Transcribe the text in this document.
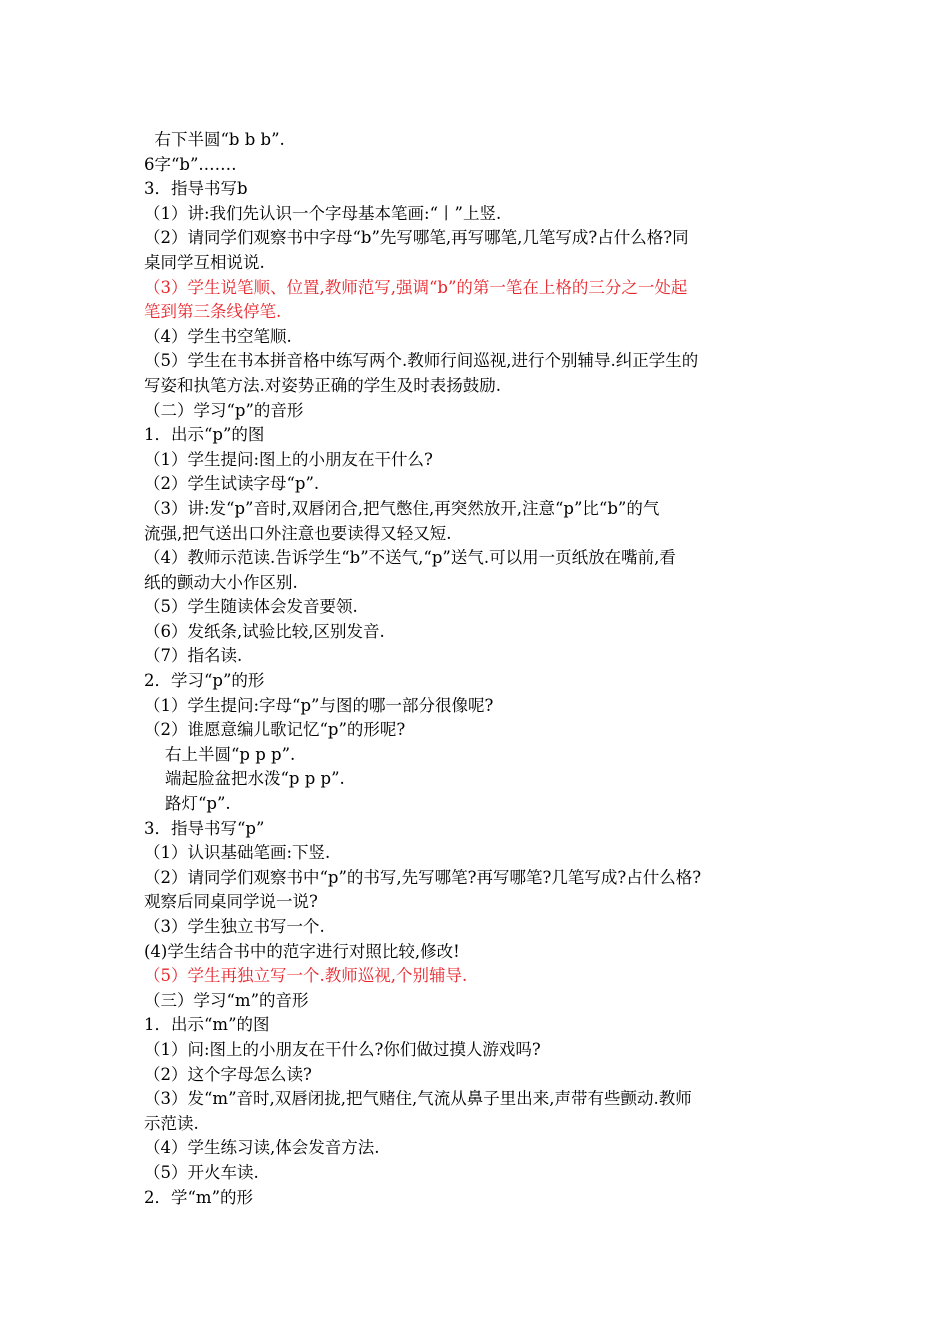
右下半圆“b b b”.
6字“b”.……
3．指导书写b
（1）讲:我们先认识一个字母基本笔画:“丨”上竖.
（2）请同学们观察书中字母“b”先写哪笔,再写哪笔,几笔写成?占什么格?同
桌同学互相说说.
（3）学生说笔顺、位置,教师范写,强调“b”的第一笔在上格的三分之一处起
笔到第三条线停笔.
（4）学生书空笔顺.
（5）学生在书本拼音格中练写两个.教师行间巡视,进行个别辅导.纠正学生的
写姿和执笔方法.对姿势正确的学生及时表扬鼓励.
（二）学习“p”的音形
1．出示“p”的图
（1）学生提问:图上的小朋友在干什么?
（2）学生试读字母“p”.
（3）讲:发“p”音时,双唇闭合,把气憋住,再突然放开,注意“p”比“b”的气
流强,把气送出口外注意也要读得又轻又短.
（4）教师示范读.告诉学生“b”不送气,“p”送气.可以用一页纸放在嘴前,看
纸的颤动大小作区别.
（5）学生随读体会发音要领.
（6）发纸条,试验比较,区别发音.
（7）指名读.
2．学习“p”的形
（1）学生提问:字母“p”与图的哪一部分很像呢?
（2）谁愿意编儿歌记忆“p”的形呢?
右上半圆“p p p”.
端起脸盆把水泼“p p p”.
路灯“p”.
3．指导书写“p”
（1）认识基础笔画:下竖.
（2）请同学们观察书中“p”的书写,先写哪笔?再写哪笔?几笔写成?占什么格?
观察后同桌同学说一说?
（3）学生独立书写一个.
(4)学生结合书中的范字进行对照比较,修改!
（5）学生再独立写一个.教师巡视,个别辅导.
（三）学习“m”的音形
1．出示“m”的图
（1）问:图上的小朋友在干什么?你们做过摸人游戏吗?
（2）这个字母怎么读?
（3）发“m”音时,双唇闭拢,把气赌住,气流从鼻子里出来,声带有些颤动.教师
示范读.
（4）学生练习读,体会发音方法.
（5）开火车读.
2．学“m”的形
